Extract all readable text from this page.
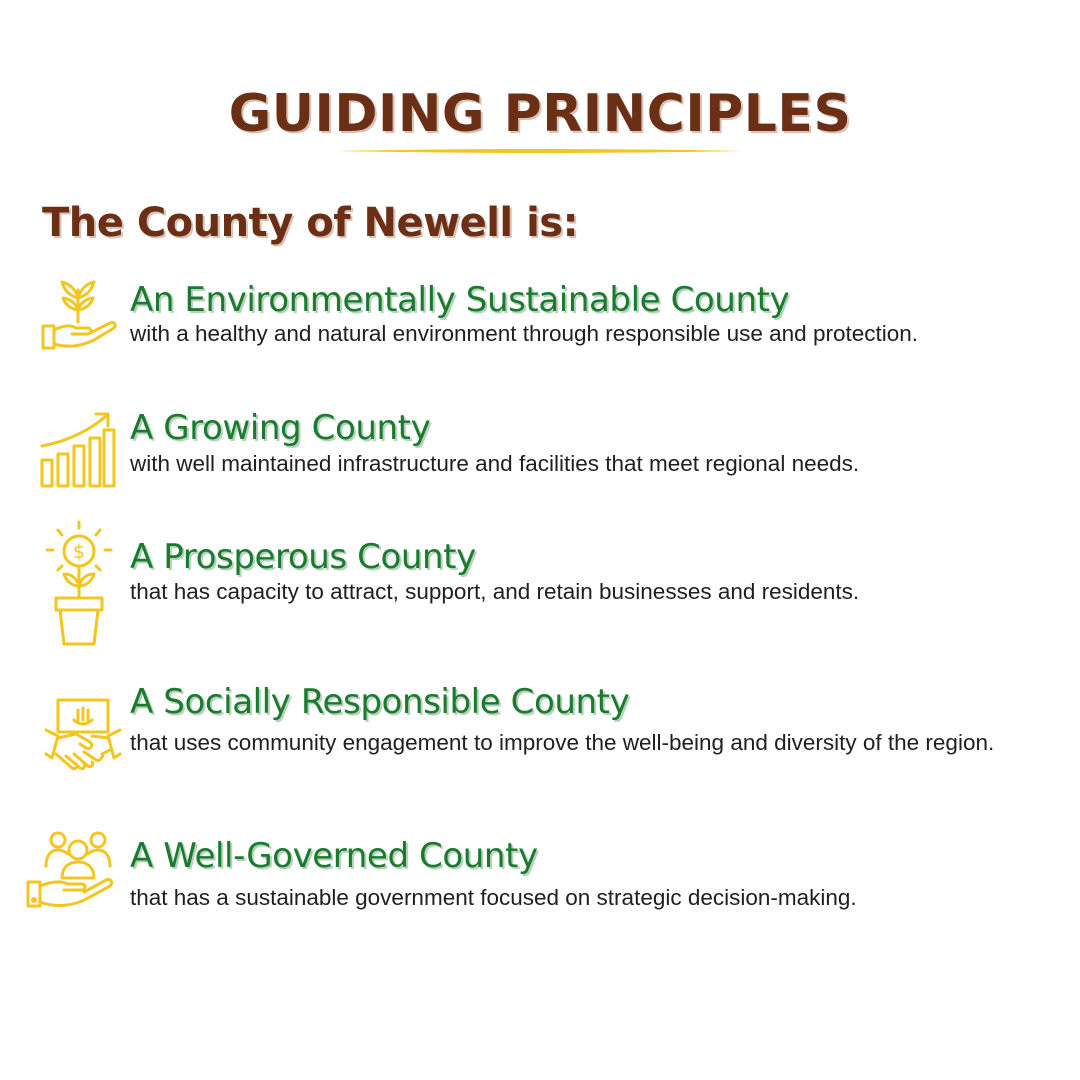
GUIDING PRINCIPLES
The County of Newell is:
An Environmentally Sustainable County
with a healthy and natural environment through responsible use and protection.
A Growing County
with well maintained infrastructure and facilities that meet regional needs.
$ A Prosperous County
that has capacity to attract, support, and retain businesses and residents.
A Socially Responsible County
that uses community engagement to improve the well-being and diversity of the region.
A Well-Governed County
that has a sustainable government focused on strategic decision-making.
